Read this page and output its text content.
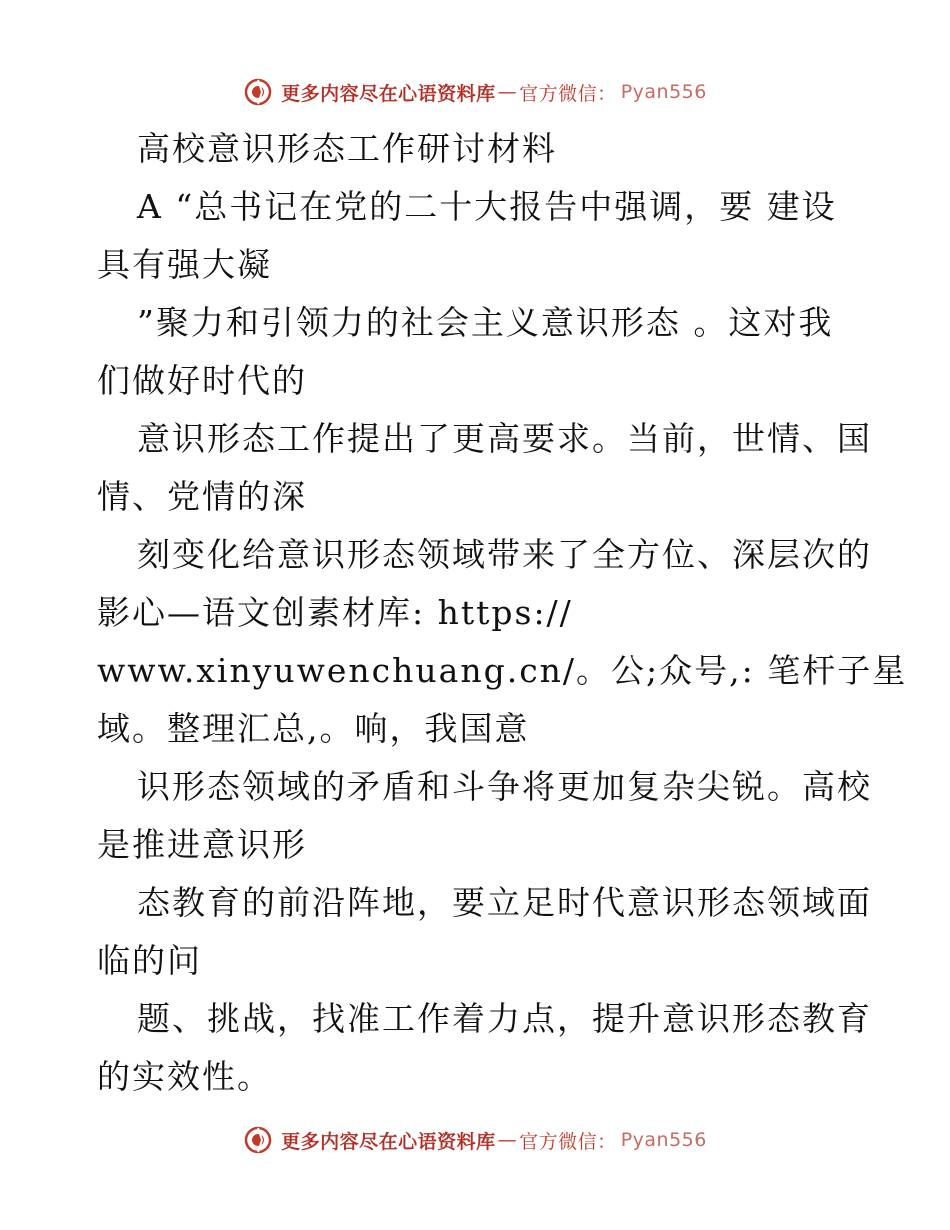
更多内容尽在心语资料库 — 官方微信： Pyan556
高校意识形态工作研讨材料
A “总书记在党的二十大报告中强调，要 建设
具有强大凝
”聚力和引领力的社会主义意识形态 。这对我
们做好时代的
意识形态工作提出了更高要求。当前，世情、国
情、党情的深
刻变化给意识形态领域带来了全方位、深层次的
影心—语文创素材库: https://
www.xinyuwenchuang.cn/。公;众号,: 笔杆子星
域。整理汇总,。响，我国意
识形态领域的矛盾和斗争将更加复杂尖锐。高校
是推进意识形
态教育的前沿阵地，要立足时代意识形态领域面
临的问
题、挑战，找准工作着力点，提升意识形态教育
的实效性。
更多内容尽在心语资料库 — 官方微信： Pyan556
